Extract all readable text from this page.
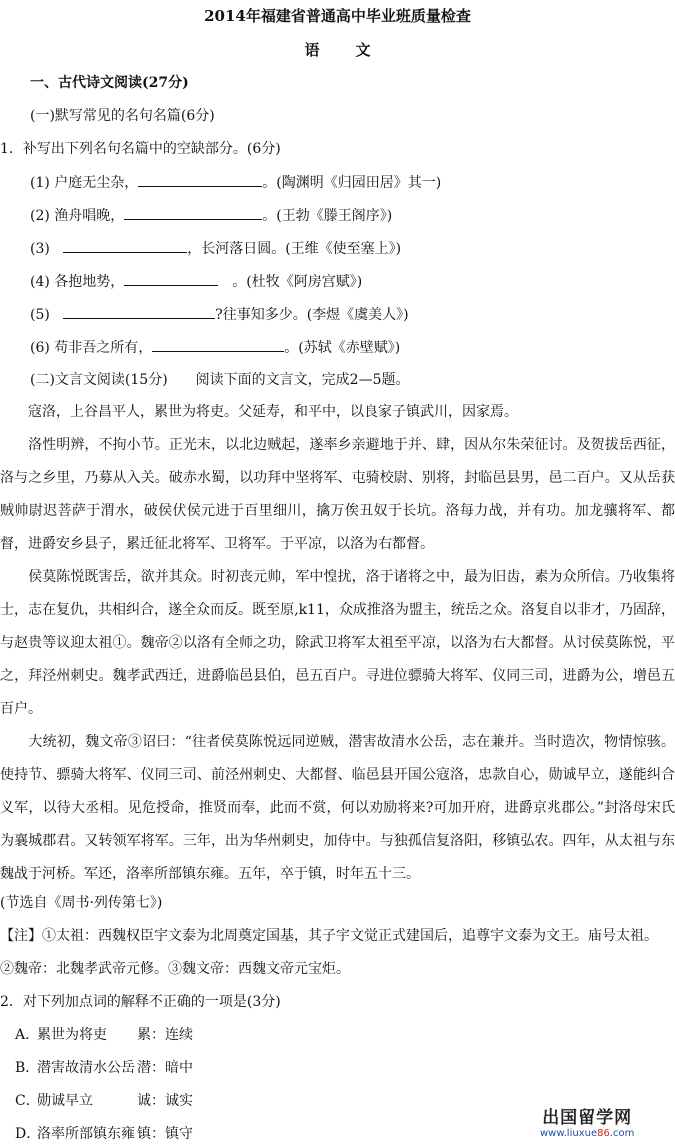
2014年福建省普通高中毕业班质量检查
语 文
一、古代诗文阅读(27分)
(一)默写常见的名句名篇(6分)
1．补写出下列名句名篇中的空缺部分。(6分)
(1) 户庭无尘杂，	。(陶渊明《归园田居》其一)
(2) 渔舟唱晚，	。(王勃《滕王阁序》)
(3)	，长河落日圆。(王维《使至塞上》)
(4) 各抱地势，	　。(杜牧《阿房宫赋》)
(5)	?往事知多少。(李煜《虞美人》)
(6) 苟非吾之所有，	。(苏轼《赤壁赋》)
(二)文言文阅读(15分)　　阅读下面的文言文，完成2—5题。

　　寇洛，上谷昌平人，累世为将吏。父延寿，和平中，以良家子镇武川，因家焉。

　　洛性明辨，不拘小节。正光末，以北边贼起，遂率乡亲避地于并、肆，因从尔朱荣征讨。及贺拔岳西征，洛与之乡里，乃募从入关。破赤水蜀，以功拜中坚将军、屯骑校尉、别将，封临邑县男，邑二百户。又从岳获贼帅尉迟菩萨于渭水，破侯伏侯元进于百里细川，擒万俟丑奴于长坑。洛每力战，并有功。加龙骧将军、都督，进爵安乡县子，累迁征北将军、卫将军。于平凉，以洛为右都督。

　　侯莫陈悦既害岳，欲并其众。时初丧元帅，军中惶扰，洛于诸将之中，最为旧齿，素为众所信。乃收集将士，志在复仇，共相纠合，遂全众而反。既至原,k11，众成推洛为盟主，统岳之众。洛复自以非才，乃固辞，与赵贵等议迎太祖①。魏帝②以洛有全师之功，除武卫将军太祖至平凉，以洛为右大都督。从讨侯莫陈悦，平之，拜泾州刺史。魏孝武西迁，进爵临邑县伯，邑五百户。寻进位骠骑大将军、仪同三司，进爵为公，增邑五百户。

　　大统初，魏文帝③诏曰：“往者侯莫陈悦远同逆贼，潜害故清水公岳，志在兼并。当时造次，物情惊骇。使持节、骠骑大将军、仪同三司、前泾州刺史、大都督、临邑县开国公寇洛，忠款自心，勋诚早立，遂能纠合义军，以待大丞相。见危授命，推贤而奉，此而不赏，何以劝励将来?可加开府，进爵京兆郡公。”封洛母宋氏为襄城郡君。又转领军将军。三年，出为华州刺史，加侍中。与独孤信复洛阳，移镇弘农。四年，从太祖与东魏战于河桥。军还，洛率所部镇东雍。五年，卒于镇，时年五十三。

(节选自《周书·列传第七》)
【注】①太祖：西魏权臣宇文泰为北周奠定国基，其子宇文觉正式建国后，追尊宇文泰为文王。庙号太祖。
②魏帝：北魏孝武帝元修。③魏文帝：西魏文帝元宝炬。
2．对下列加点词的解释不正确的一项是(3分)
A．累世为将吏 累：连续
B．潜害故清水公岳 潜：暗中
C．勋诚早立	诚：诚实
D．洛率所部镇东雍 镇：镇守
出国留学网
www.liuxue86.com
